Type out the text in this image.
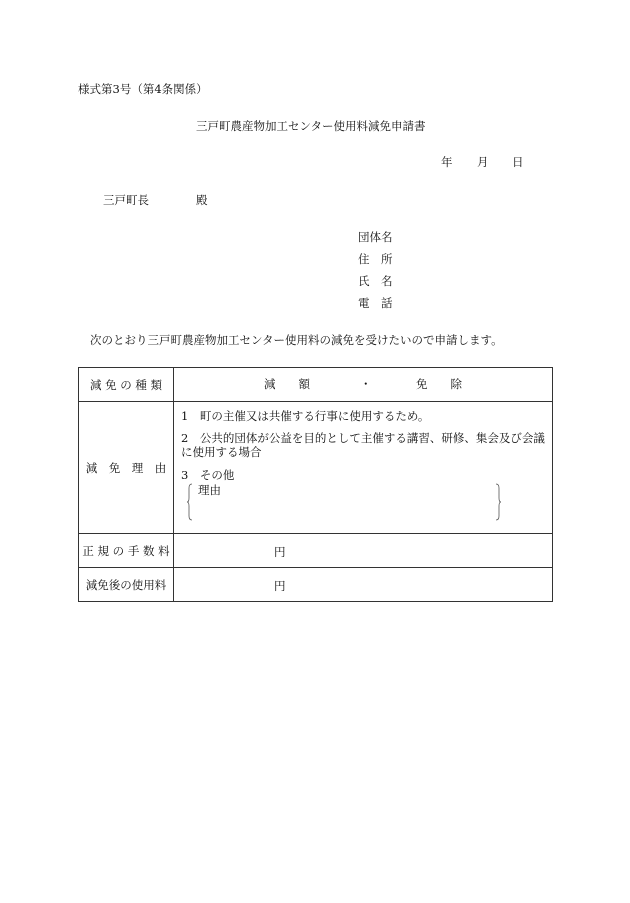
様式第3号（第4条関係）
三戸町農産物加工センター使用料減免申請書
年 月 日
三戸町長	殿
団体名
住　所
氏　名
電　話
次のとおり三戸町農産物加工センター使用料の減免を受けたいので申請します。
減 免 の 種 類	減　　額 ・ 免　　除

減　免　理　由	1　町の主催又は共催する行事に使用するため。
2　公共的団体が公益を目的として主催する講習、研修、集会及び会議に使用する場合
3　その他
理由

正 規 の 手 数 料	円

減免後の使用料	円
